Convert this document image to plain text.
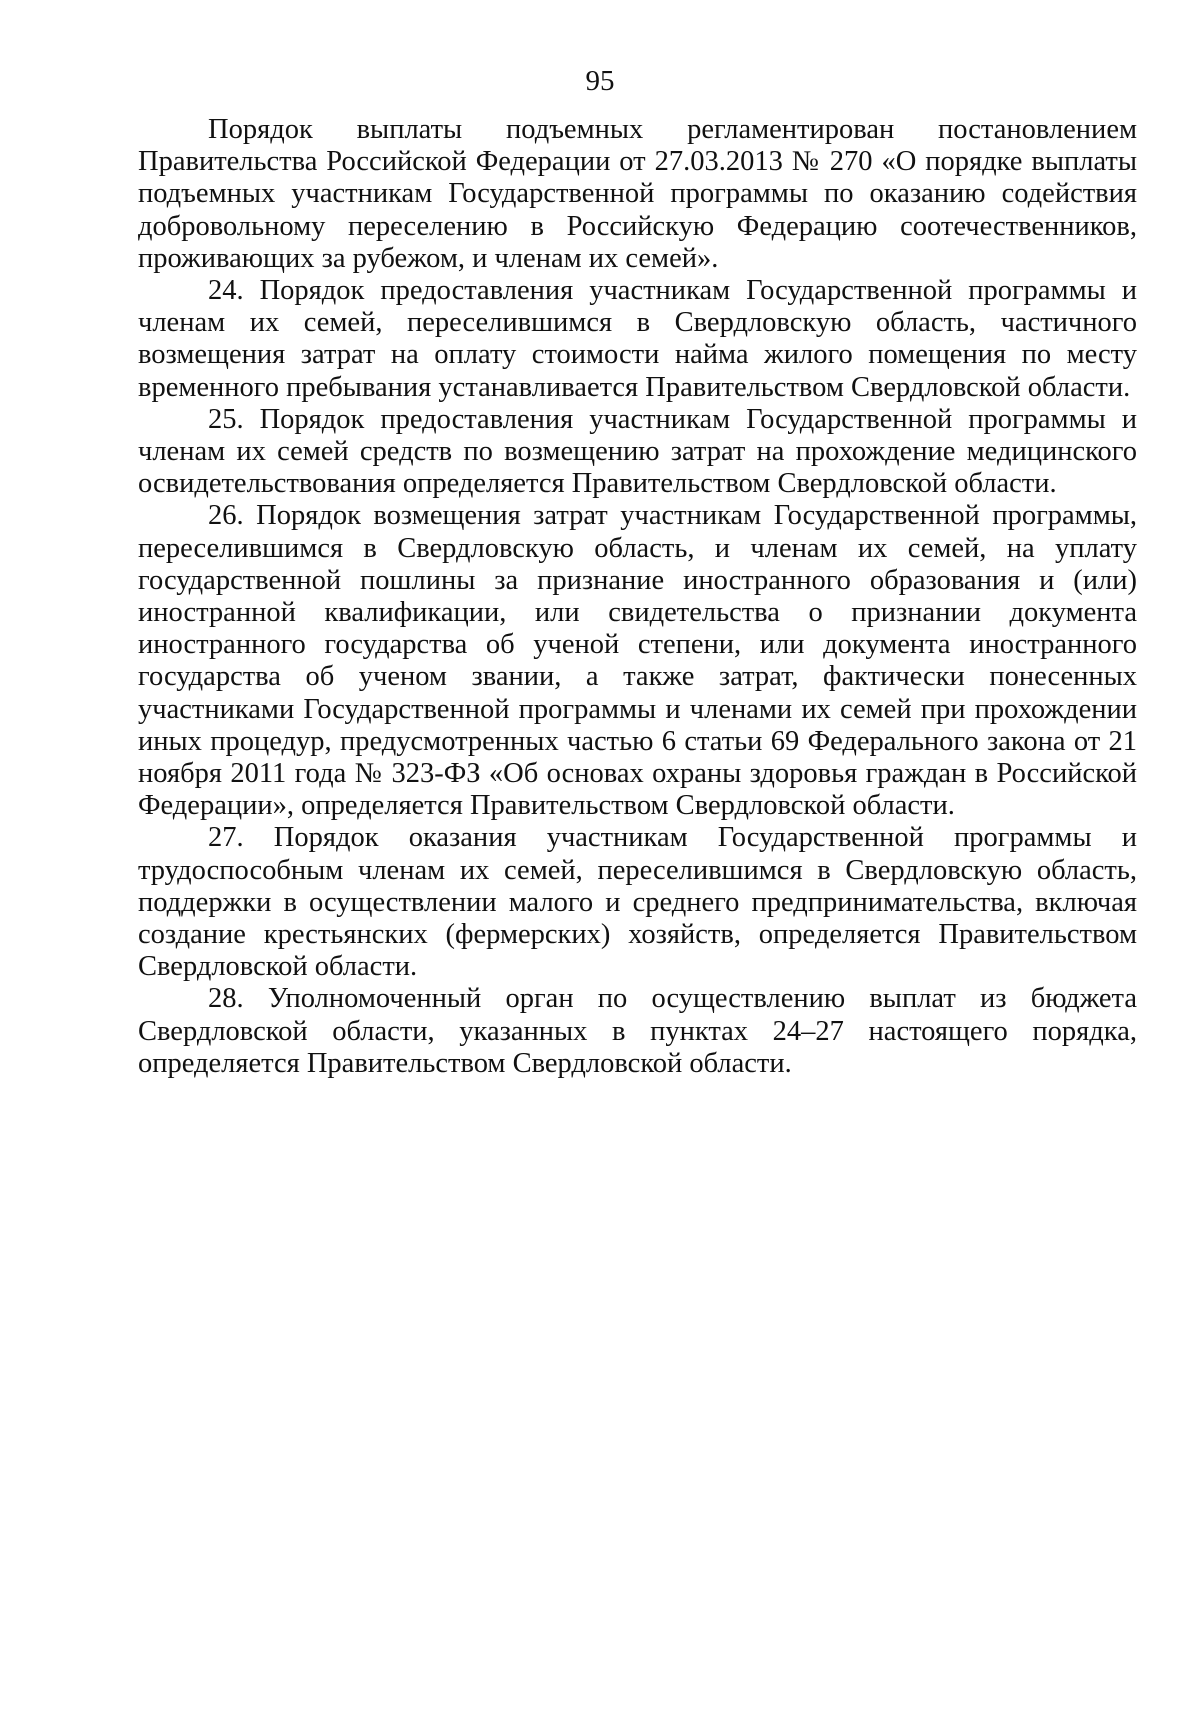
95

Порядок выплаты подъемных регламентирован постановлением Правительства Российской Федерации от 27.03.2013 № 270 «О порядке выплаты подъемных участникам Государственной программы по оказанию содействия добровольному переселению в Российскую Федерацию соотечественников, проживающих за рубежом, и членам их семей».

24. Порядок предоставления участникам Государственной программы и членам их семей, переселившимся в Свердловскую область, частичного возмещения затрат на оплату стоимости найма жилого помещения по месту временного пребывания устанавливается Правительством Свердловской области.

25. Порядок предоставления участникам Государственной программы и членам их семей средств по возмещению затрат на прохождение медицинского освидетельствования определяется Правительством Свердловской области.

26. Порядок возмещения затрат участникам Государственной программы, переселившимся в Свердловскую область, и членам их семей, на уплату государственной пошлины за признание иностранного образования и (или) иностранной квалификации, или свидетельства о признании документа иностранного государства об ученой степени, или документа иностранного государства об ученом звании, а также затрат, фактически понесенных участниками Государственной программы и членами их семей при прохождении иных процедур, предусмотренных частью 6 статьи 69 Федерального закона от 21 ноября 2011 года № 323-ФЗ «Об основах охраны здоровья граждан в Российской Федерации», определяется Правительством Свердловской области.

27. Порядок оказания участникам Государственной программы и трудоспособным членам их семей, переселившимся в Свердловскую область, поддержки в осуществлении малого и среднего предпринимательства, включая создание крестьянских (фермерских) хозяйств, определяется Правительством Свердловской области.

28. Уполномоченный орган по осуществлению выплат из бюджета Свердловской области, указанных в пунктах 24–27 настоящего порядка, определяется Правительством Свердловской области.
